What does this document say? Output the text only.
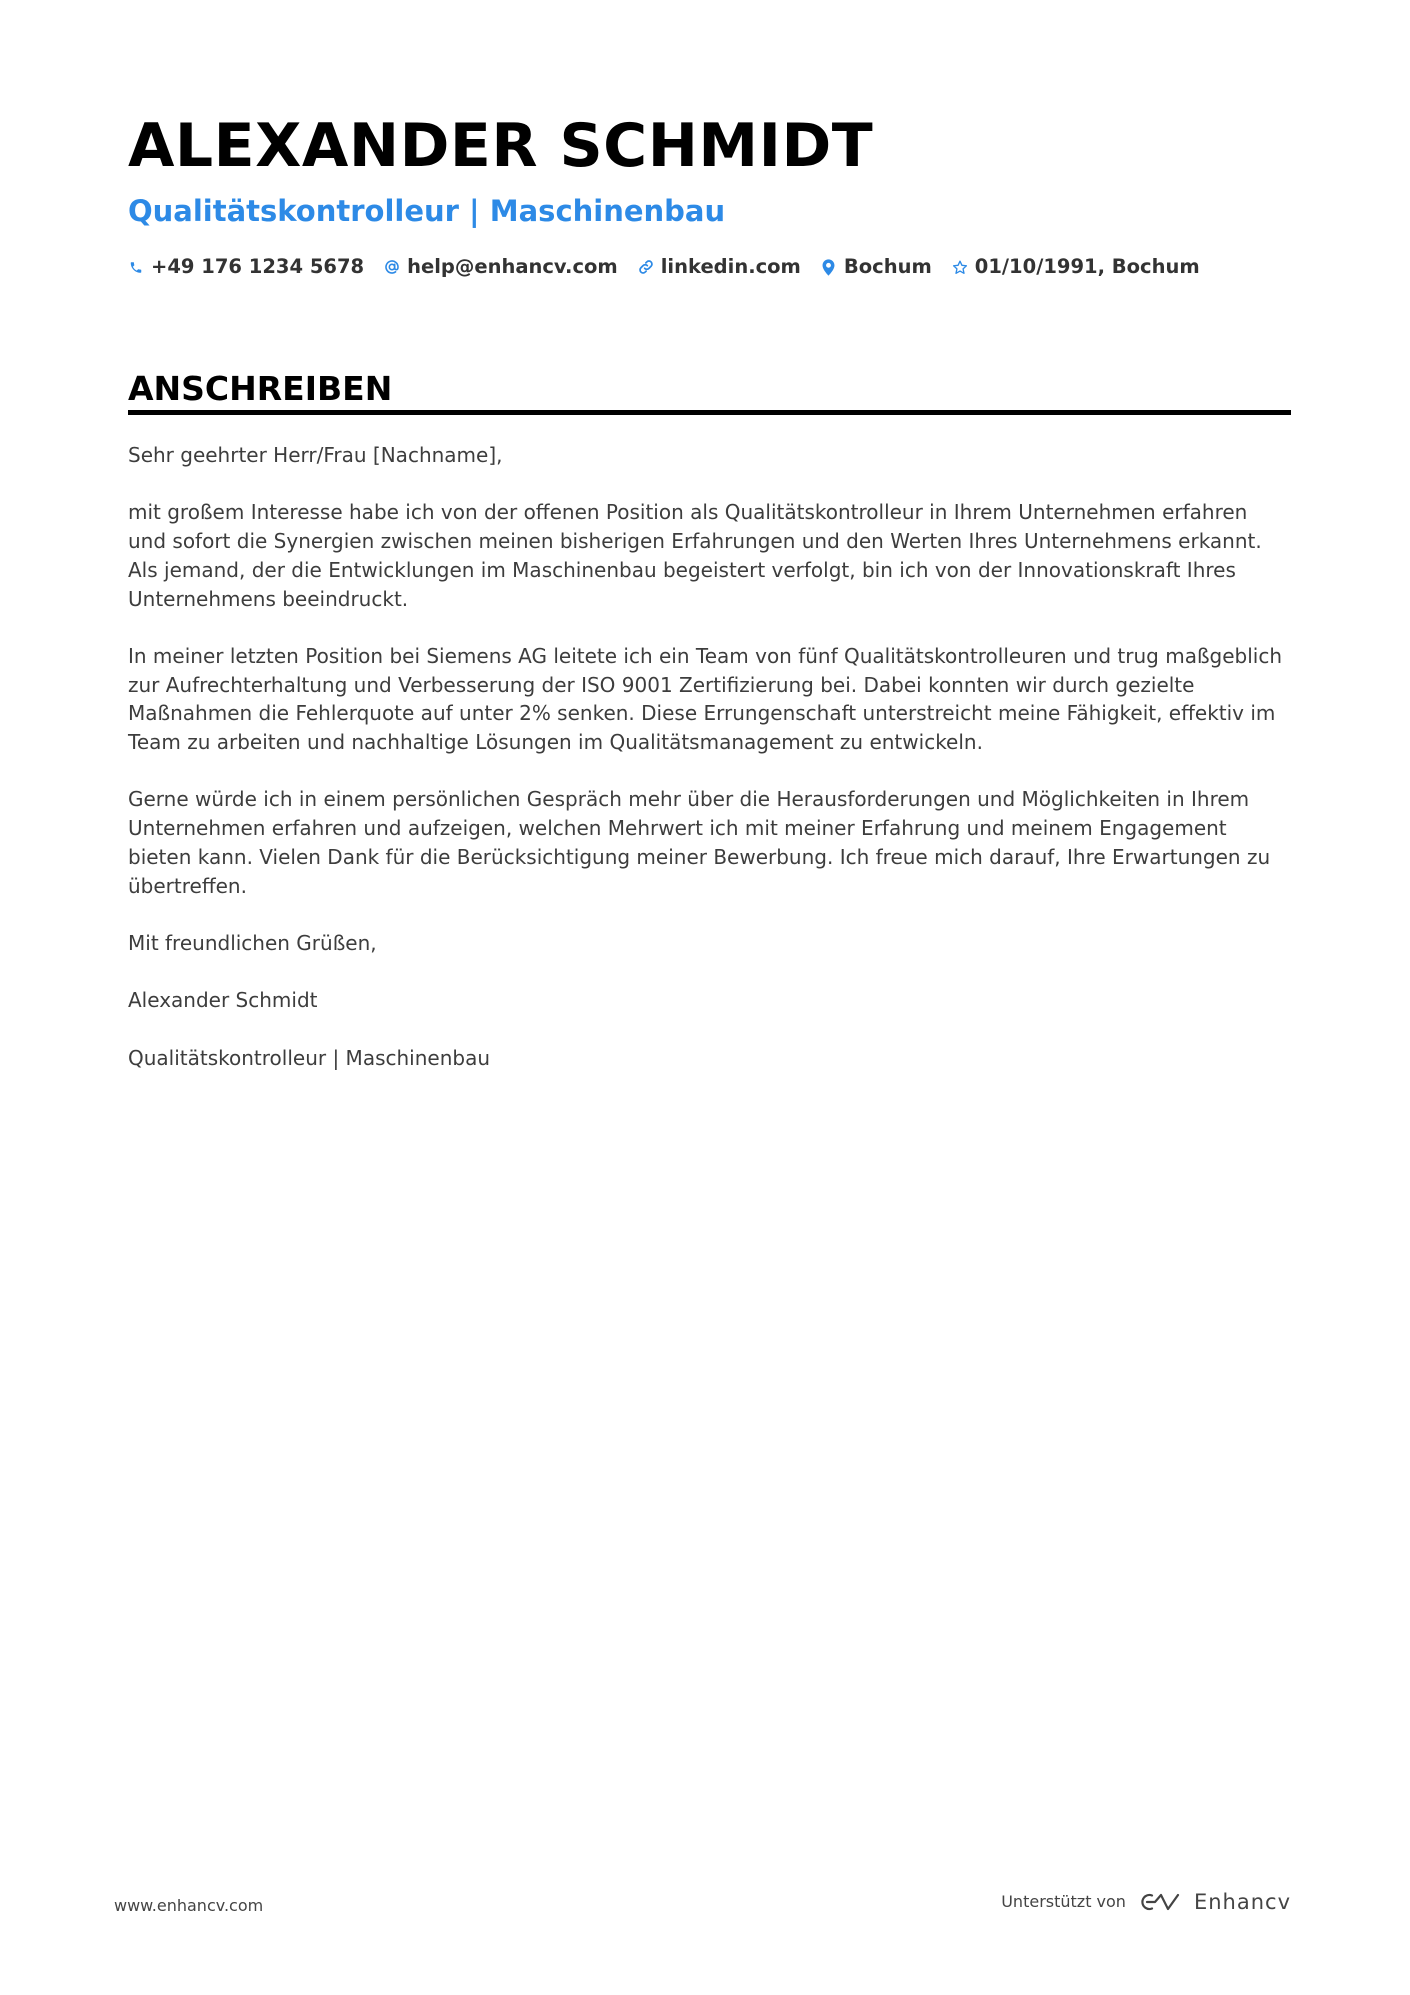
ALEXANDER SCHMIDT
Qualitätskontrolleur | Maschinenbau
+49 176 1234 5678 help@enhancv.com linkedin.com Bochum 01/10/1991, Bochum
ANSCHREIBEN

Sehr geehrter Herr/Frau [Nachname],

mit großem Interesse habe ich von der offenen Position als Qualitätskontrolleur in Ihrem Unternehmen erfahren und sofort die Synergien zwischen meinen bisherigen Erfahrungen und den Werten Ihres Unternehmens erkannt. Als jemand, der die Entwicklungen im Maschinenbau begeistert verfolgt, bin ich von der Innovationskraft Ihres Unternehmens beeindruckt.

In meiner letzten Position bei Siemens AG leitete ich ein Team von fünf Qualitätskontrolleuren und trug maßgeblich zur Aufrechterhaltung und Verbesserung der ISO 9001 Zertifizierung bei. Dabei konnten wir durch gezielte Maßnahmen die Fehlerquote auf unter 2% senken. Diese Errungenschaft unterstreicht meine Fähigkeit, effektiv im Team zu arbeiten und nachhaltige Lösungen im Qualitätsmanagement zu entwickeln.

Gerne würde ich in einem persönlichen Gespräch mehr über die Herausforderungen und Möglichkeiten in Ihrem Unternehmen erfahren und aufzeigen, welchen Mehrwert ich mit meiner Erfahrung und meinem Engagement bieten kann. Vielen Dank für die Berücksichtigung meiner Bewerbung. Ich freue mich darauf, Ihre Erwartungen zu übertreffen.

Mit freundlichen Grüßen,

Alexander Schmidt

Qualitätskontrolleur | Maschinenbau

www.enhancv.com	Unterstützt von	Enhancv
